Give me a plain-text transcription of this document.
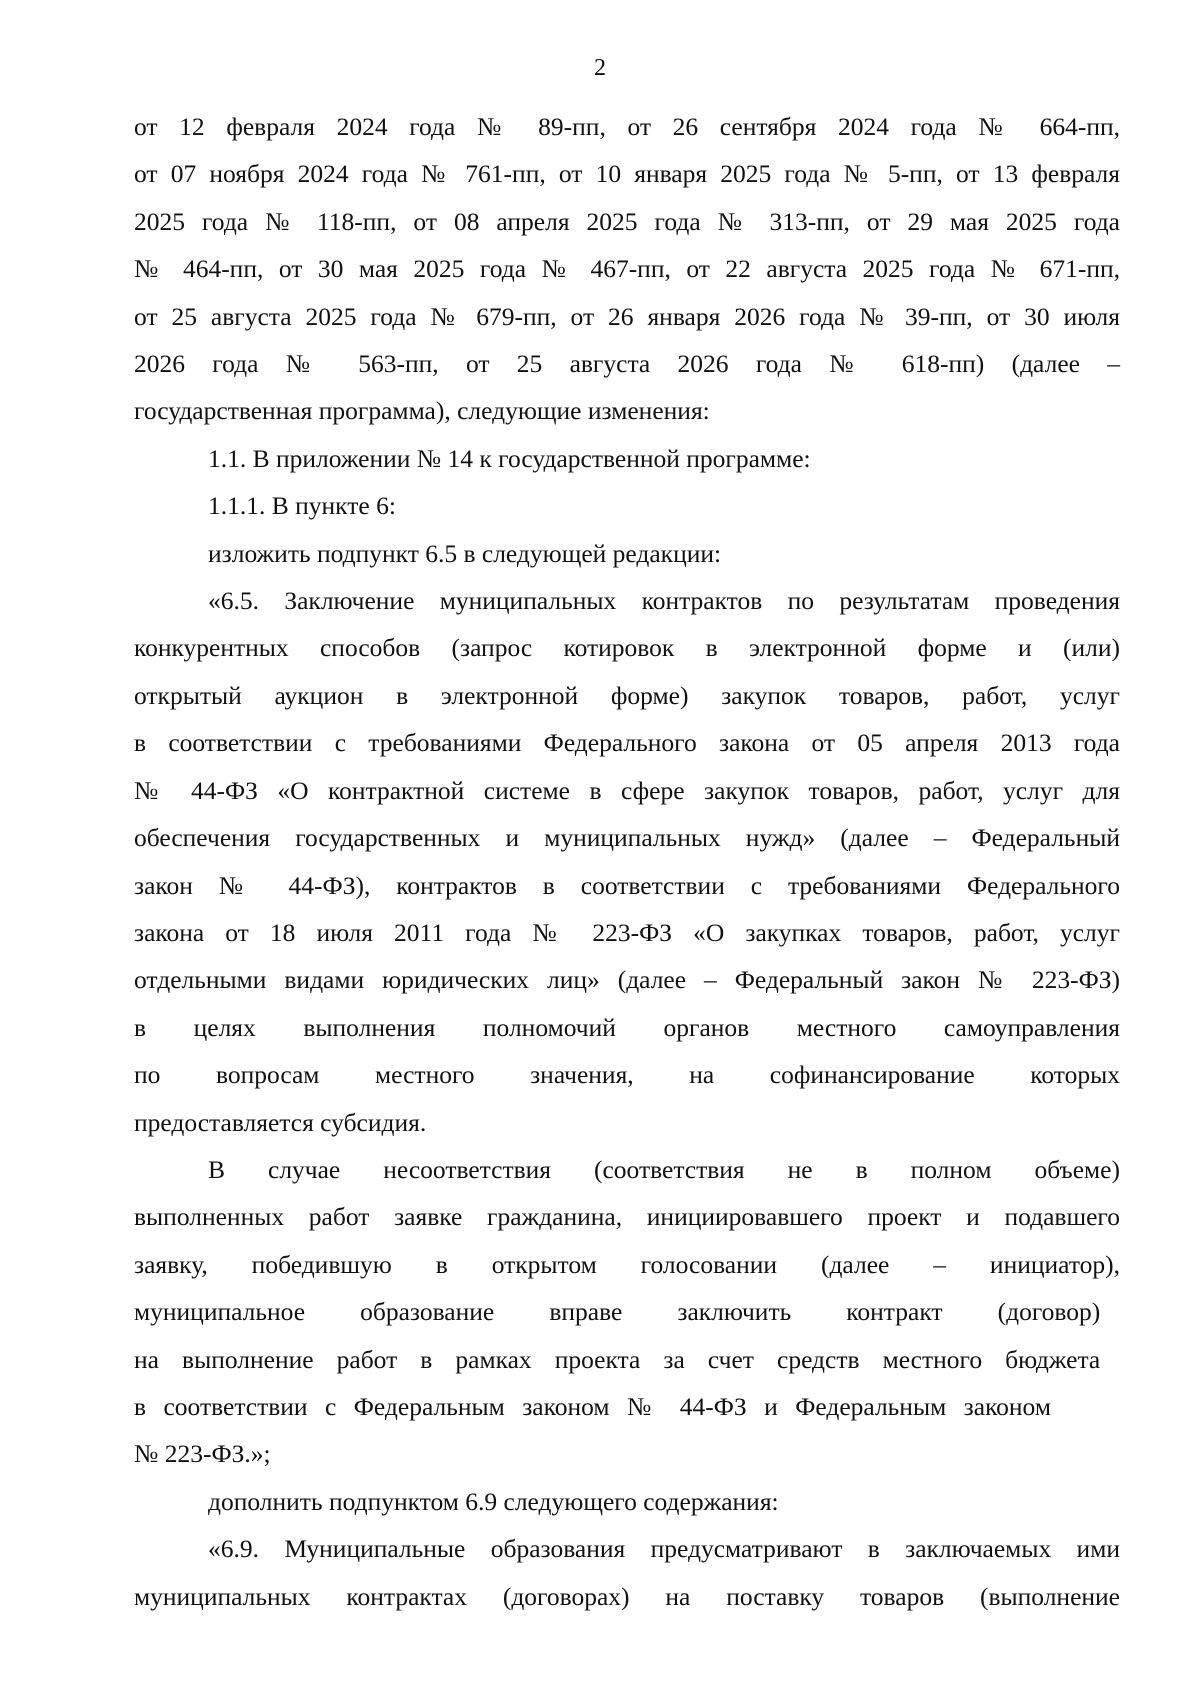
2
от 12 февраля 2024 года № 89-пп, от 26 сентября 2024 года № 664-пп,
от 07 ноября 2024 года № 761-пп, от 10 января 2025 года № 5-пп, от 13 февраля
2025 года № 118-пп, от 08 апреля 2025 года № 313-пп, от 29 мая 2025 года
№ 464-пп, от 30 мая 2025 года № 467-пп, от 22 августа 2025 года № 671-пп,
от 25 августа 2025 года № 679-пп, от 26 января 2026 года № 39-пп, от 30 июля
2026 года № 563-пп, от 25 августа 2026 года № 618-пп) (далее –
государственная программа), следующие изменения:
1.1. В приложении № 14 к государственной программе:
1.1.1. В пункте 6:
изложить подпункт 6.5 в следующей редакции:
«6.5. Заключение муниципальных контрактов по результатам проведения
конкурентных способов (запрос котировок в электронной форме и (или)
открытый аукцион в электронной форме) закупок товаров, работ, услуг
в соответствии с требованиями Федерального закона от 05 апреля 2013 года
№ 44-ФЗ «О контрактной системе в сфере закупок товаров, работ, услуг для
обеспечения государственных и муниципальных нужд» (далее – Федеральный
закон № 44-ФЗ), контрактов в соответствии с требованиями Федерального
закона от 18 июля 2011 года № 223-ФЗ «О закупках товаров, работ, услуг
отдельными видами юридических лиц» (далее – Федеральный закон № 223-ФЗ)
в целях выполнения полномочий органов местного самоуправления
по вопросам местного значения, на софинансирование которых
предоставляется субсидия.
В случае несоответствия (соответствия не в полном объеме)
выполненных работ заявке гражданина, инициировавшего проект и подавшего
заявку, победившую в открытом голосовании (далее – инициатор),
муниципальное образование вправе заключить контракт (договор)
на выполнение работ в рамках проекта за счет средств местного бюджета
в соответствии с Федеральным законом № 44-ФЗ и Федеральным законом
№ 223-ФЗ.»;
дополнить подпунктом 6.9 следующего содержания:
«6.9. Муниципальные образования предусматривают в заключаемых ими
муниципальных контрактах (договорах) на поставку товаров (выполнение
